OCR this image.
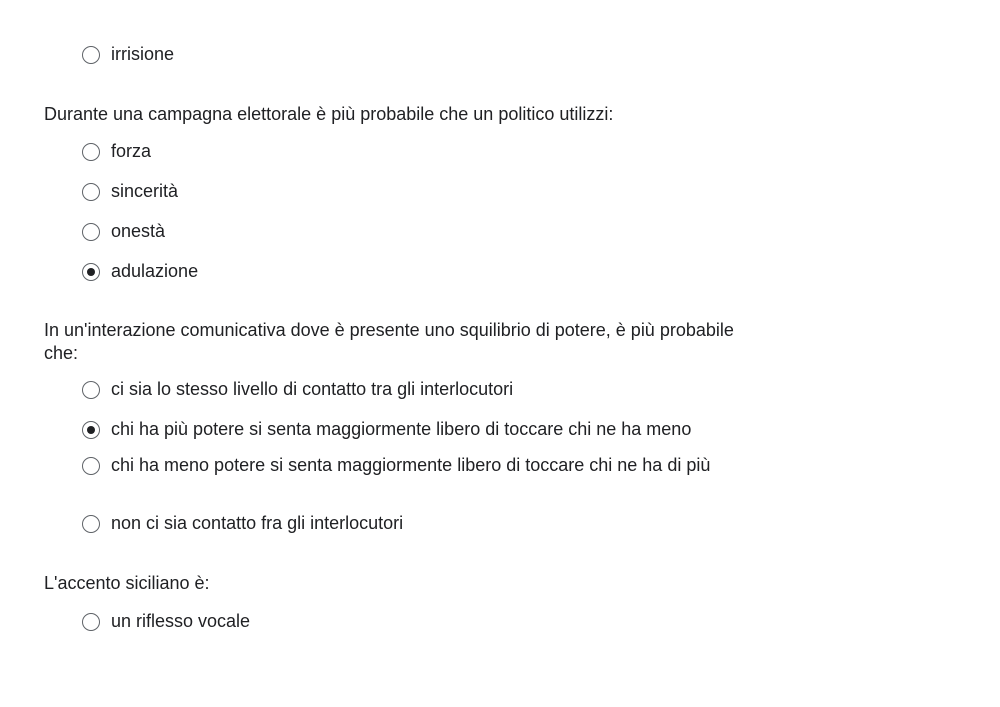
irrisione
Durante una campagna elettorale è più probabile che un politico utilizzi:
forza
sincerità
onestà
adulazione
In un'interazione comunicativa dove è presente uno squilibrio di potere, è più probabile che:
ci sia lo stesso livello di contatto tra gli interlocutori
chi ha più potere si senta maggiormente libero di toccare chi ne ha meno
chi ha meno potere si senta maggiormente libero di toccare chi ne ha di più
non ci sia contatto fra gli interlocutori
L'accento siciliano è:
un riflesso vocale
